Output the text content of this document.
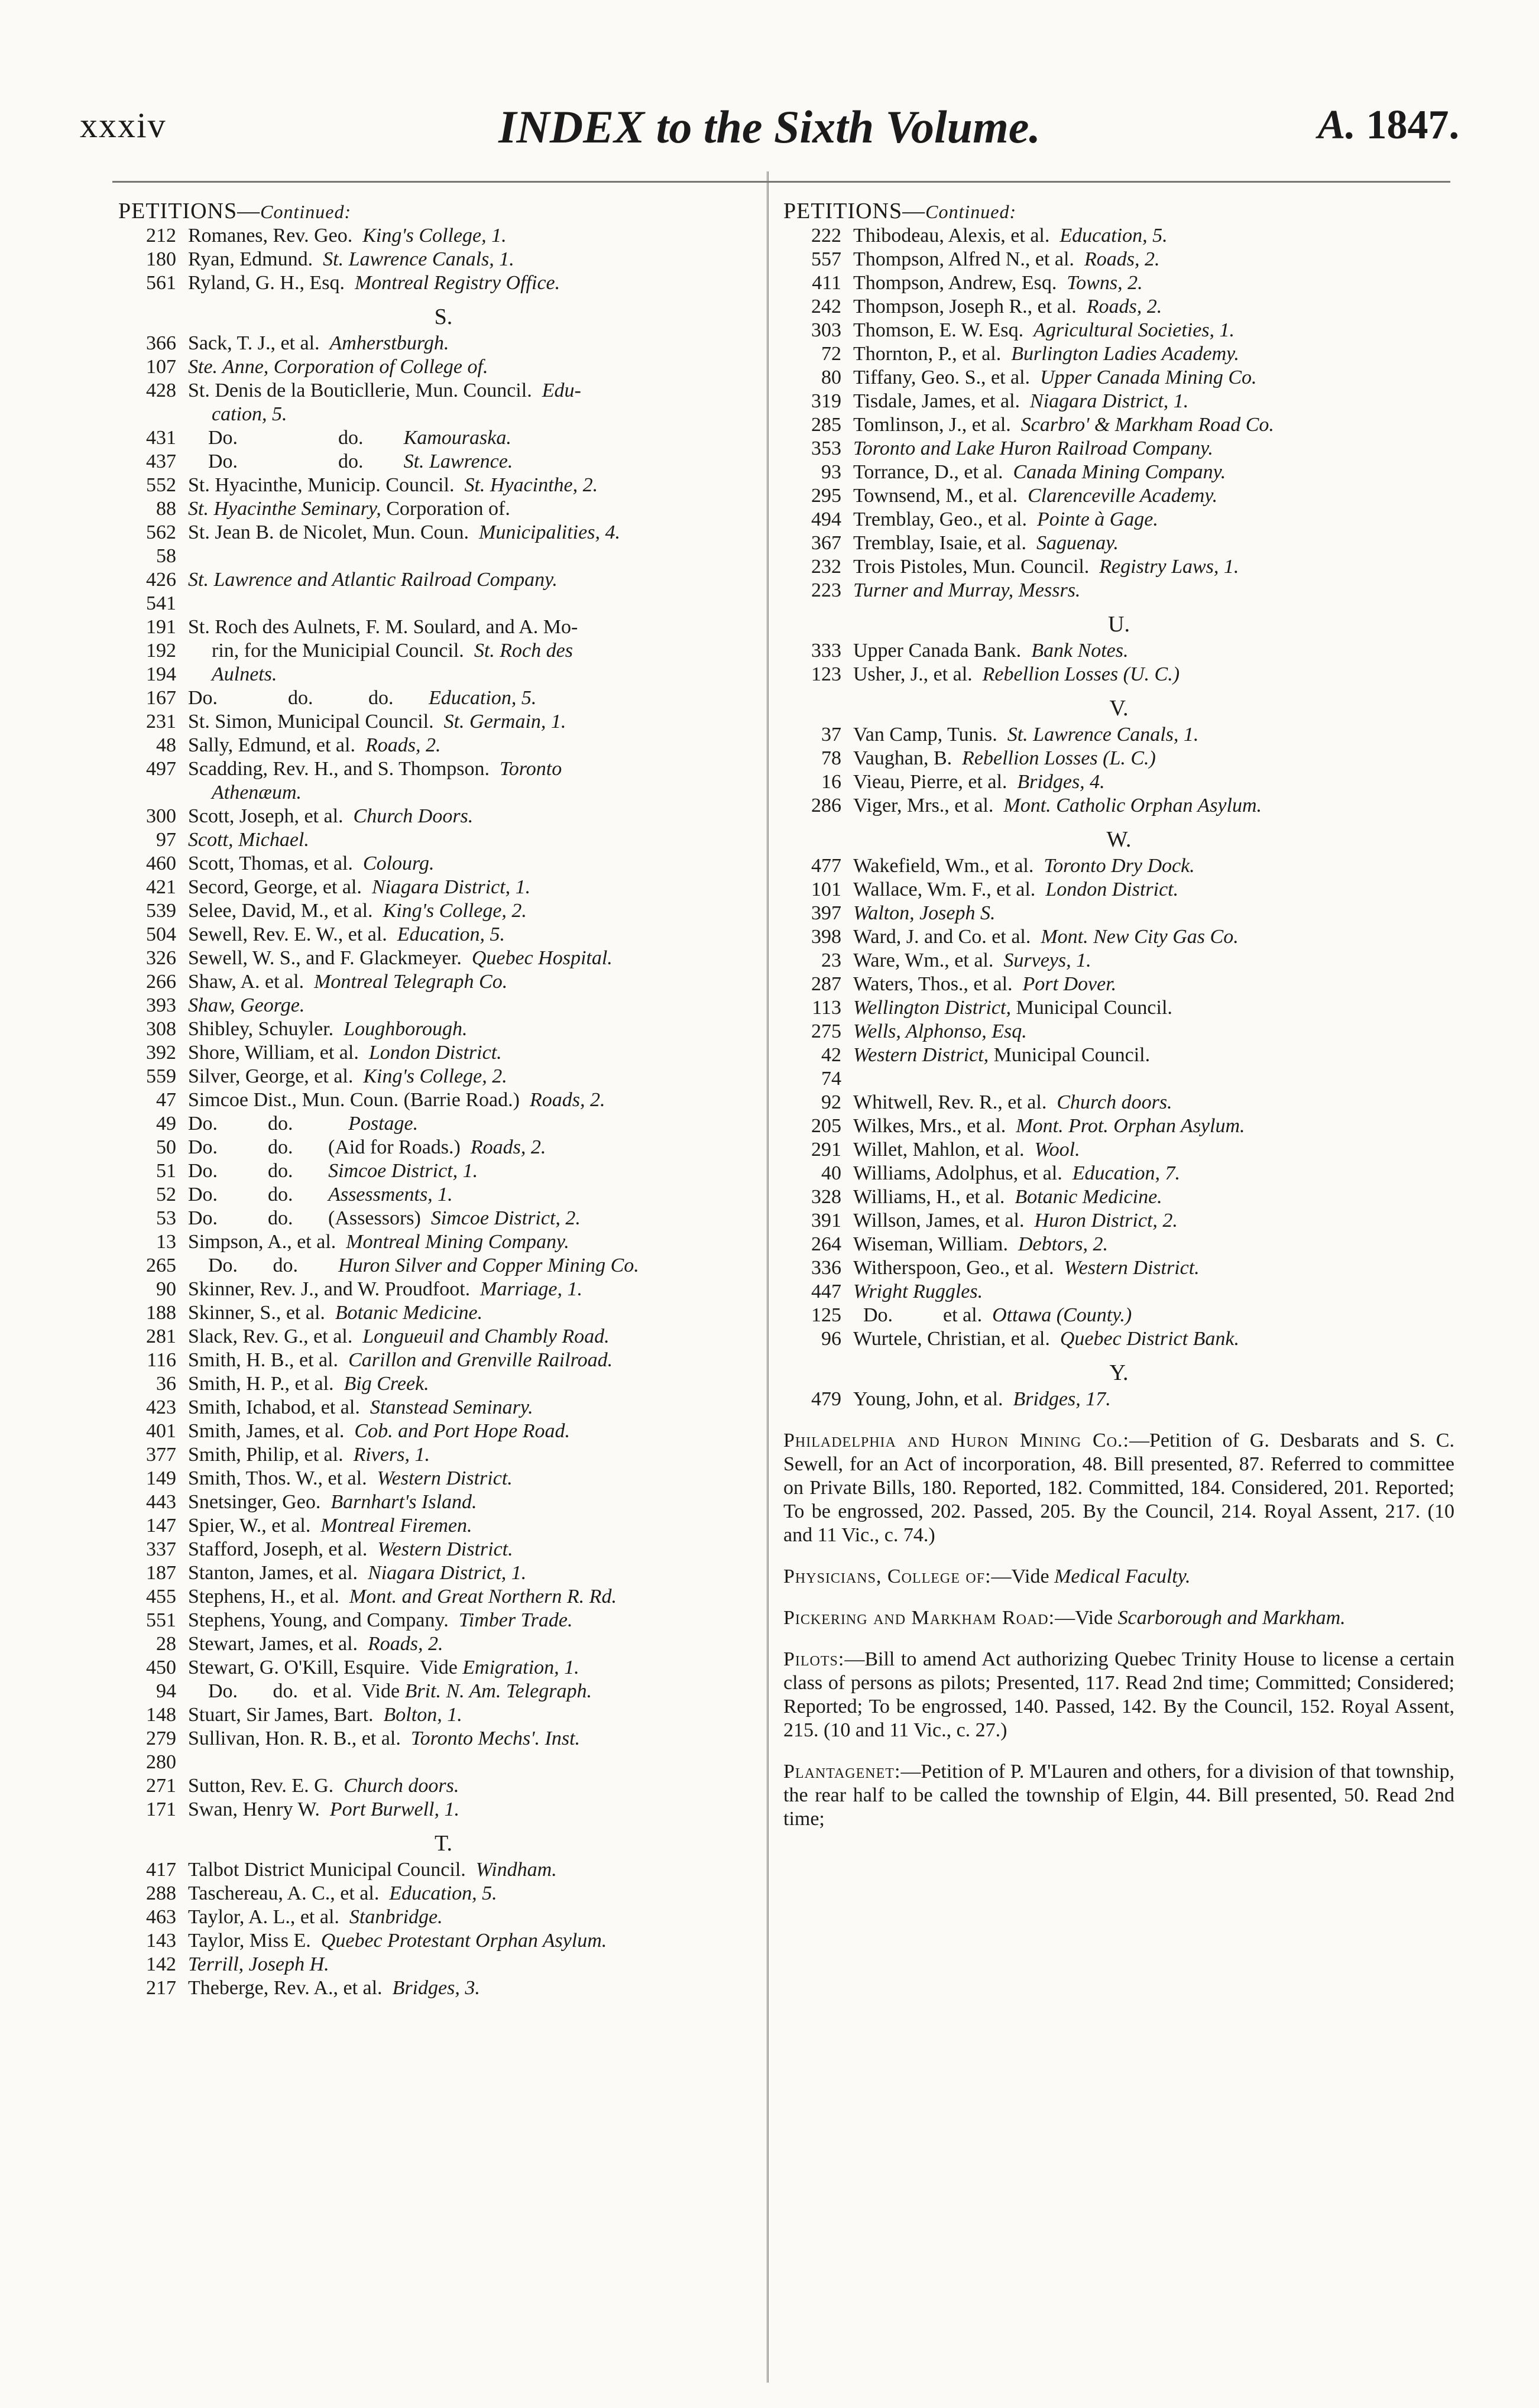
xxxiv	INDEX to the Sixth Volume.	A. 1847.
PETITIONS—Continued:
212 Romanes, Rev. Geo.  King's College, 1.
180 Ryan, Edmund.  St. Lawrence Canals, 1.
561 Ryland, G. H., Esq.  Montreal Registry Office.
S.
366 Sack, T. J., et al.  Amherstburgh.
107 Ste. Anne, Corporation of College of.
428 St. Denis de la Bouticllerie, Mun. Council.  Edu-
cation, 5.
431 Do.                    do.        Kamouraska.
437 Do.                    do.        St. Lawrence.
552 St. Hyacinthe, Municip. Council.  St. Hyacinthe, 2.
88 St. Hyacinthe Seminary, Corporation of.
562 St. Jean B. de Nicolet, Mun. Coun.  Municipalities, 4.
58
426 St. Lawrence and Atlantic Railroad Company.
541
191 St. Roch des Aulnets, F. M. Soulard, and A. Mo-
192	rin, for the Municipial Council.  St. Roch des
194	Aulnets.
167 Do.              do.           do.       Education, 5.
231 St. Simon, Municipal Council.  St. Germain, 1.
48 Sally, Edmund, et al.  Roads, 2.
497 Scadding, Rev. H., and S. Thompson.  Toronto
Athenæum.
300 Scott, Joseph, et al.  Church Doors.
97 Scott, Michael.
460 Scott, Thomas, et al.  Colourg.
421 Secord, George, et al.  Niagara District, 1.
539 Selee, David, M., et al.  King's College, 2.
504 Sewell, Rev. E. W., et al.  Education, 5.
326 Sewell, W. S., and F. Glackmeyer.  Quebec Hospital.
266 Shaw, A. et al.  Montreal Telegraph Co.
393 Shaw, George.
308 Shibley, Schuyler.  Loughborough.
392 Shore, William, et al.  London District.
559 Silver, George, et al.  King's College, 2.
47 Simcoe Dist., Mun. Coun. (Barrie Road.)  Roads, 2.
49 Do.          do.           Postage.
50 Do.          do.       (Aid for Roads.)  Roads, 2.
51 Do.          do.       Simcoe District, 1.
52 Do.          do.       Assessments, 1.
53 Do.          do.       (Assessors)  Simcoe District, 2.
13 Simpson, A., et al.  Montreal Mining Company.
265 Do.       do.        Huron Silver and Copper Mining Co.
90 Skinner, Rev. J., and W. Proudfoot.  Marriage, 1.
188 Skinner, S., et al.  Botanic Medicine.
281 Slack, Rev. G., et al.  Longueuil and Chambly Road.
116 Smith, H. B., et al.  Carillon and Grenville Railroad.
36 Smith, H. P., et al.  Big Creek.
423 Smith, Ichabod, et al.  Stanstead Seminary.
401 Smith, James, et al.  Cob. and Port Hope Road.
377 Smith, Philip, et al.  Rivers, 1.
149 Smith, Thos. W., et al.  Western District.
443 Snetsinger, Geo.  Barnhart's Island.
147 Spier, W., et al.  Montreal Firemen.
337 Stafford, Joseph, et al.  Western District.
187 Stanton, James, et al.  Niagara District, 1.
455 Stephens, H., et al.  Mont. and Great Northern R. Rd.
551 Stephens, Young, and Company.  Timber Trade.
28 Stewart, James, et al.  Roads, 2.
450 Stewart, G. O'Kill, Esquire.  Vide Emigration, 1.
94 Do.       do.   et al.  Vide Brit. N. Am. Telegraph.
148 Stuart, Sir James, Bart.  Bolton, 1.
279 Sullivan, Hon. R. B., et al.  Toronto Mechs'. Inst.
280
271 Sutton, Rev. E. G.  Church doors.
171 Swan, Henry W.  Port Burwell, 1.
T.
417 Talbot District Municipal Council.  Windham.
288 Taschereau, A. C., et al.  Education, 5.
463 Taylor, A. L., et al.  Stanbridge.
143 Taylor, Miss E.  Quebec Protestant Orphan Asylum.
142 Terrill, Joseph H.
217 Theberge, Rev. A., et al.  Bridges, 3.
PETITIONS—Continued:
222 Thibodeau, Alexis, et al.  Education, 5.
557 Thompson, Alfred N., et al.  Roads, 2.
411 Thompson, Andrew, Esq.  Towns, 2.
242 Thompson, Joseph R., et al.  Roads, 2.
303 Thomson, E. W. Esq.  Agricultural Societies, 1.
72 Thornton, P., et al.  Burlington Ladies Academy.
80 Tiffany, Geo. S., et al.  Upper Canada Mining Co.
319 Tisdale, James, et al.  Niagara District, 1.
285 Tomlinson, J., et al.  Scarbro' & Markham Road Co.
353 Toronto and Lake Huron Railroad Company.
93 Torrance, D., et al.  Canada Mining Company.
295 Townsend, M., et al.  Clarenceville Academy.
494 Tremblay, Geo., et al.  Pointe à Gage.
367 Tremblay, Isaie, et al.  Saguenay.
232 Trois Pistoles, Mun. Council.  Registry Laws, 1.
223 Turner and Murray, Messrs.
U.
333 Upper Canada Bank.  Bank Notes.
123 Usher, J., et al.  Rebellion Losses (U. C.)
V.
37 Van Camp, Tunis.  St. Lawrence Canals, 1.
78 Vaughan, B.  Rebellion Losses (L. C.)
16 Vieau, Pierre, et al.  Bridges, 4.
286 Viger, Mrs., et al.  Mont. Catholic Orphan Asylum.
W.
477 Wakefield, Wm., et al.  Toronto Dry Dock.
101 Wallace, Wm. F., et al.  London District.
397 Walton, Joseph S.
398 Ward, J. and Co. et al.  Mont. New City Gas Co.
23 Ware, Wm., et al.  Surveys, 1.
287 Waters, Thos., et al.  Port Dover.
113 Wellington District, Municipal Council.
275 Wells, Alphonso, Esq.
42 Western District, Municipal Council.
74
92 Whitwell, Rev. R., et al.  Church doors.
205 Wilkes, Mrs., et al.  Mont. Prot. Orphan Asylum.
291 Willet, Mahlon, et al.  Wool.
40 Williams, Adolphus, et al.  Education, 7.
328 Williams, H., et al.  Botanic Medicine.
391 Willson, James, et al.  Huron District, 2.
264 Wiseman, William.  Debtors, 2.
336 Witherspoon, Geo., et al.  Western District.
447 Wright Ruggles.
125 Do.          et al.  Ottawa (County.)
96 Wurtele, Christian, et al.  Quebec District Bank.
Y.
479 Young, John, et al.  Bridges, 17.
Philadelphia and Huron Mining Co.:—Petition of G. Desbarats and S. C. Sewell, for an Act of incorporation, 48. Bill presented, 87. Referred to committee on Private Bills, 180. Reported, 182. Committed, 184. Considered, 201. Reported; To be engrossed, 202. Passed, 205. By the Council, 214. Royal Assent, 217. (10 and 11 Vic., c. 74.)
Physicians, College of:—Vide Medical Faculty.
Pickering and Markham Road:—Vide Scarborough and Markham.
Pilots:—Bill to amend Act authorizing Quebec Trinity House to license a certain class of persons as pilots; Presented, 117. Read 2nd time; Committed; Considered; Reported; To be engrossed, 140. Passed, 142. By the Council, 152. Royal Assent, 215. (10 and 11 Vic., c. 27.)
Plantagenet:—Petition of P. M'Lauren and others, for a division of that township, the rear half to be called the township of Elgin, 44. Bill presented, 50. Read 2nd time;
